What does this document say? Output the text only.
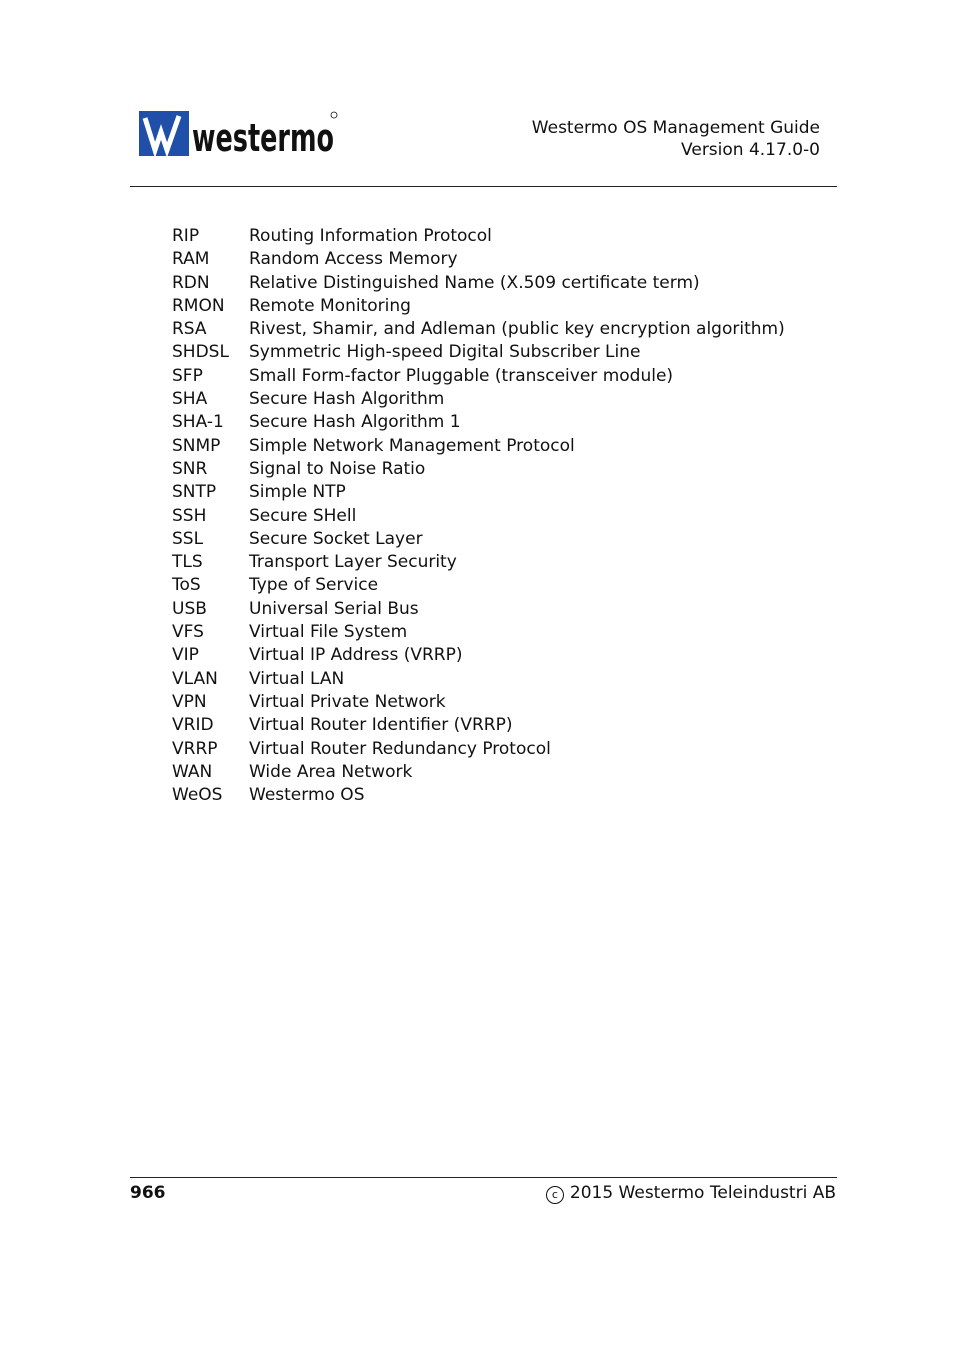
westermo	Westermo OS Management Guide
Version 4.17.0-0
RIP	Routing Information Protocol
RAM	Random Access Memory
RDN	Relative Distinguished Name (X.509 certificate term)
RMON	Remote Monitoring
RSA	Rivest, Shamir, and Adleman (public key encryption algorithm)
SHDSL	Symmetric High-speed Digital Subscriber Line
SFP	Small Form-factor Pluggable (transceiver module)
SHA	Secure Hash Algorithm
SHA-1	Secure Hash Algorithm 1
SNMP	Simple Network Management Protocol
SNR	Signal to Noise Ratio
SNTP	Simple NTP
SSH	Secure SHell
SSL	Secure Socket Layer
TLS	Transport Layer Security
ToS	Type of Service
USB	Universal Serial Bus
VFS	Virtual File System
VIP	Virtual IP Address (VRRP)
VLAN	Virtual LAN
VPN	Virtual Private Network
VRID	Virtual Router Identifier (VRRP)
VRRP	Virtual Router Redundancy Protocol
WAN	Wide Area Network
WeOS	Westermo OS
966	c 2015 Westermo Teleindustri AB
